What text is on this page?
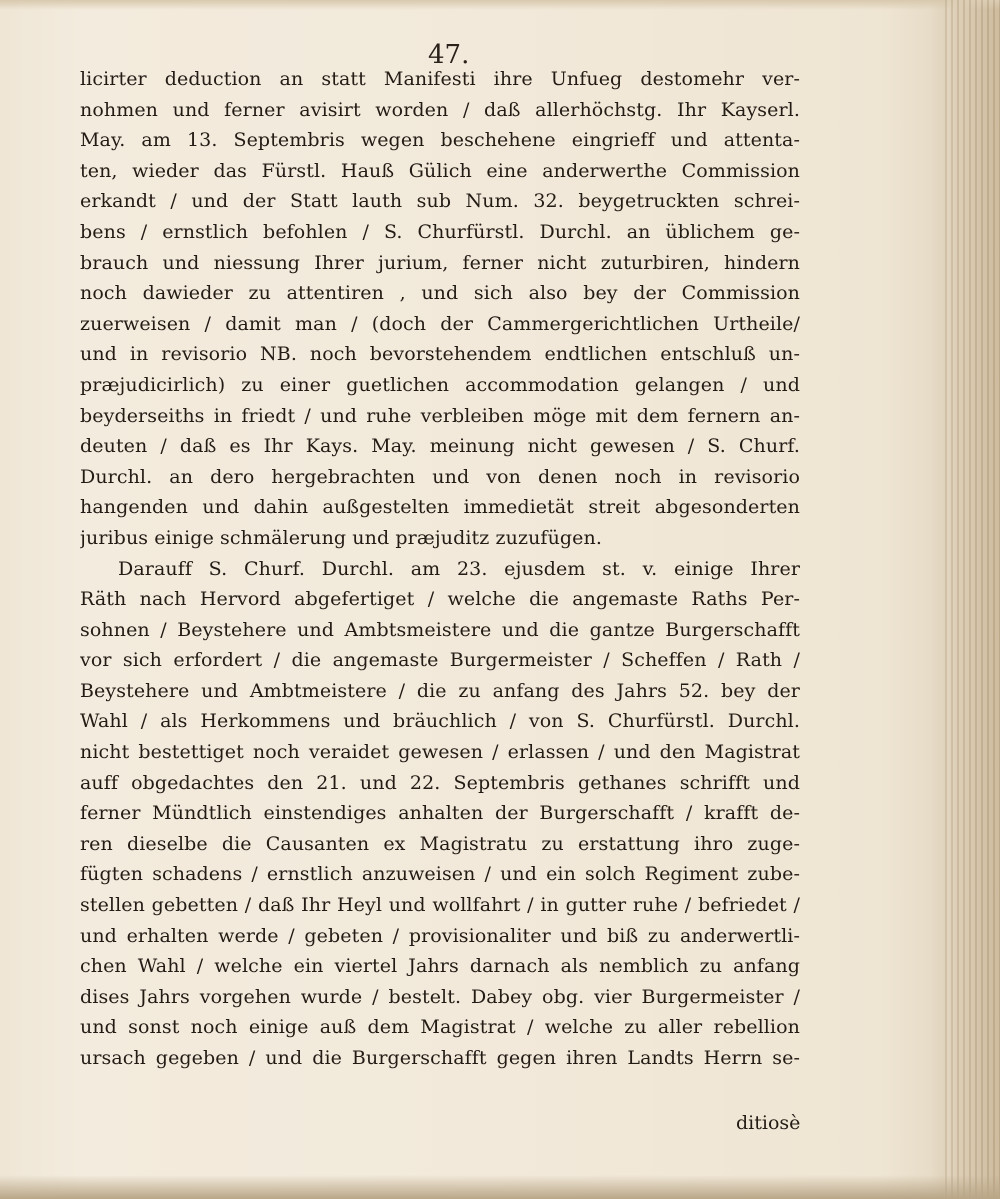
47.
licirter deduction an statt Manifesti ihre Unfueg destomehr ver-
nohmen und ferner avisirt worden / daß allerhöchstg. Ihr Kayserl.
May. am 13. Septembris wegen beschehene eingrieff und attenta-
ten, wieder das Fürstl. Hauß Gülich eine anderwerthe Commission
erkandt / und der Statt lauth sub Num. 32. beygetruckten schrei-
bens / ernstlich befohlen / S. Churfürstl. Durchl. an üblichem ge-
brauch und niessung Ihrer jurium, ferner nicht zuturbiren, hindern
noch dawieder zu attentiren , und sich also bey der Commission
zuerweisen / damit man / (doch der Cammergerichtlichen Urtheile/
und in revisorio NB. noch bevorstehendem endtlichen entschluß un-
præjudicirlich) zu einer guetlichen accommodation gelangen / und
beyderseiths in friedt / und ruhe verbleiben möge mit dem fernern an-
deuten / daß es Ihr Kays. May. meinung nicht gewesen / S. Churf.
Durchl. an dero hergebrachten und von denen noch in revisorio
hangenden und dahin außgestelten immedietät streit abgesonderten
juribus einige schmälerung und præjuditz zuzufügen.
Darauff S. Churf. Durchl. am 23. ejusdem st. v. einige Ihrer
Räth nach Hervord abgefertiget / welche die angemaste Raths Per-
sohnen / Beystehere und Ambtsmeistere und die gantze Burgerschafft
vor sich erfordert / die angemaste Burgermeister / Scheffen / Rath /
Beystehere und Ambtmeistere / die zu anfang des Jahrs 52. bey der
Wahl / als Herkommens und bräuchlich / von S. Churfürstl. Durchl.
nicht bestettiget noch veraidet gewesen / erlassen / und den Magistrat
auff obgedachtes den 21. und 22. Septembris gethanes schrifft und
ferner Mündtlich einstendiges anhalten der Burgerschafft / krafft de-
ren dieselbe die Causanten ex Magistratu zu erstattung ihro zuge-
fügten schadens / ernstlich anzuweisen / und ein solch Regiment zube-
stellen gebetten / daß Ihr Heyl und wollfahrt / in gutter ruhe / befriedet /
und erhalten werde / gebeten / provisionaliter und biß zu anderwertli-
chen Wahl / welche ein viertel Jahrs darnach als nemblich zu anfang
dises Jahrs vorgehen wurde / bestelt. Dabey obg. vier Burgermeister /
und sonst noch einige auß dem Magistrat / welche zu aller rebellion
ursach gegeben / und die Burgerschafft gegen ihren Landts Herrn se-
ditiosè
